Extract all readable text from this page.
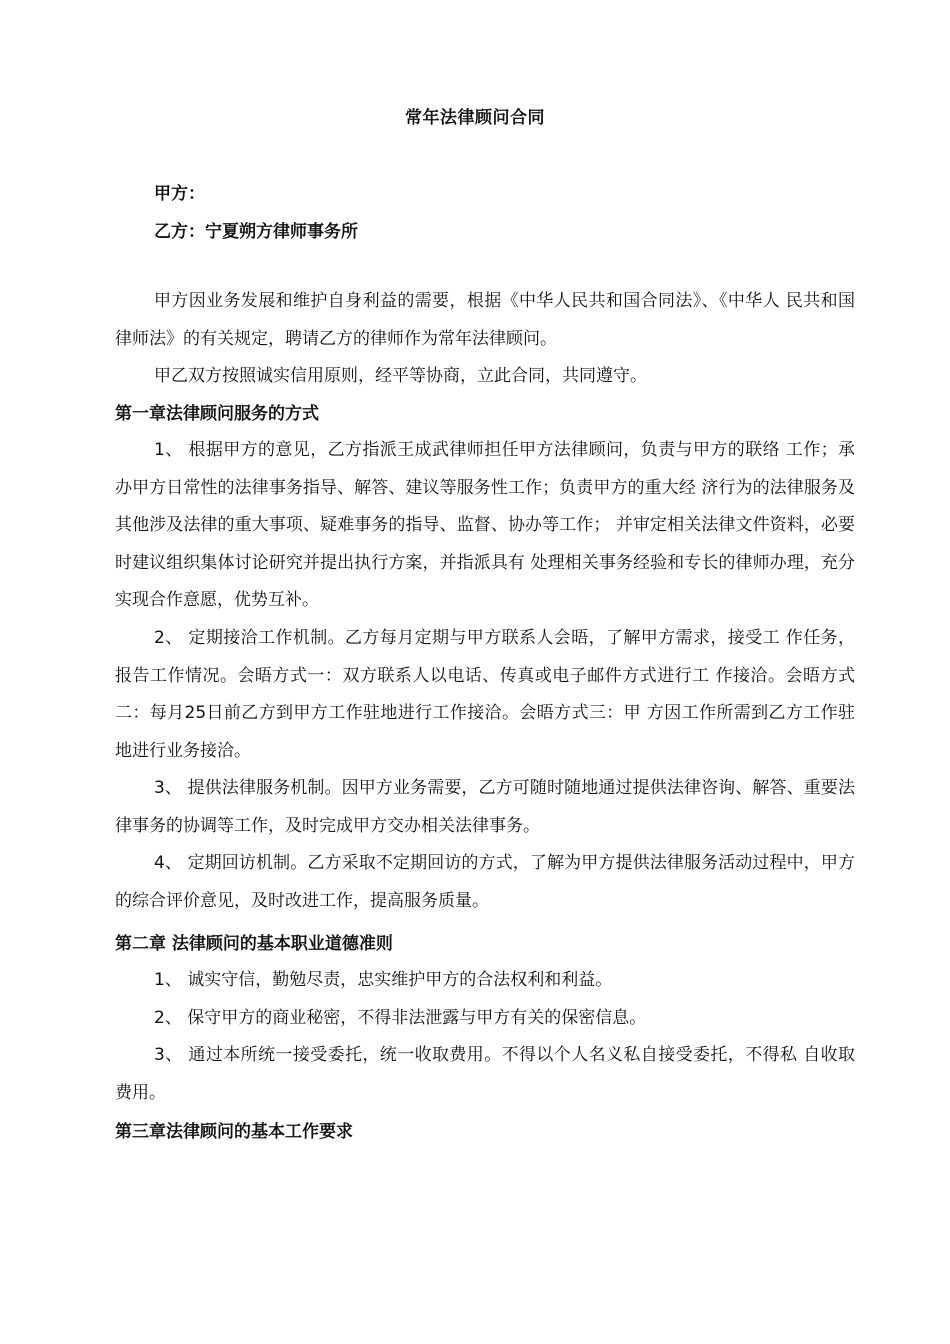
常年法律顾问合同
甲方：
乙方：宁夏朔方律师事务所

甲方因业务发展和维护自身利益的需要，根据《中华人民共和国合同法》、《中华人 民共和国律师法》的有关规定，聘请乙方的律师作为常年法律顾问。

甲乙双方按照诚实信用原则，经平等协商，立此合同，共同遵守。

第一章法律顾问服务的方式

1、 根据甲方的意见，乙方指派王成武律师担任甲方法律顾问，负责与甲方的联络 工作；承办甲方日常性的法律事务指导、解答、建议等服务性工作；负责甲方的重大经 济行为的法律服务及其他涉及法律的重大事项、疑难事务的指导、监督、协办等工作； 并审定相关法律文件资料，必要时建议组织集体讨论研究并提出执行方案，并指派具有 处理相关事务经验和专长的律师办理，充分实现合作意愿，优势互补。

2、 定期接洽工作机制。乙方每月定期与甲方联系人会晤，了解甲方需求，接受工 作任务，报告工作情况。会晤方式一：双方联系人以电话、传真或电子邮件方式进行工 作接洽。会晤方式二：每月25日前乙方到甲方工作驻地进行工作接洽。会晤方式三：甲 方因工作所需到乙方工作驻地进行业务接洽。

3、 提供法律服务机制。因甲方业务需要，乙方可随时随地通过提供法律咨询、解答、重要法律事务的协调等工作，及时完成甲方交办相关法律事务。

4、 定期回访机制。乙方采取不定期回访的方式，了解为甲方提供法律服务活动过程中，甲方的综合评价意见，及时改进工作，提高服务质量。

第二章 法律顾问的基本职业道德准则

1、 诚实守信，勤勉尽责，忠实维护甲方的合法权利和利益。

2、 保守甲方的商业秘密，不得非法泄露与甲方有关的保密信息。

3、 通过本所统一接受委托，统一收取费用。不得以个人名义私自接受委托，不得私 自收取费用。

第三章法律顾问的基本工作要求
